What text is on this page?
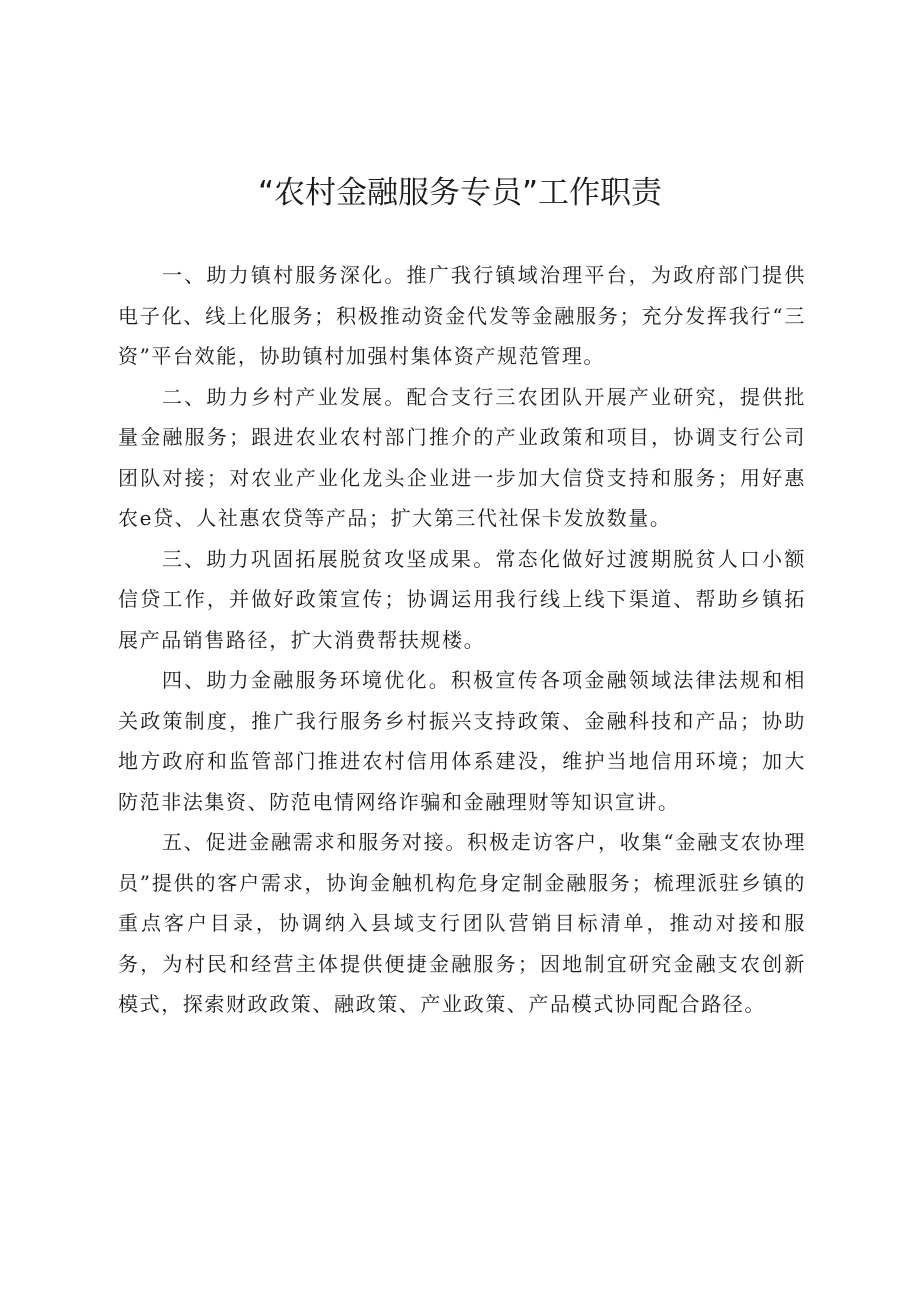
“农村金融服务专员”工作职责

一、助力镇村服务深化。推广我行镇域治理平台，为政府部门提供电子化、线上化服务；积极推动资金代发等金融服务；充分发挥我行“三资”平台效能，协助镇村加强村集体资产规范管理。

二、助力乡村产业发展。配合支行三农团队开展产业研究，提供批量金融服务；跟进农业农村部门推介的产业政策和项目，协调支行公司团队对接；对农业产业化龙头企业进一步加大信贷支持和服务；用好惠农e贷、人社惠农贷等产品；扩大第三代社保卡发放数量。

三、助力巩固拓展脱贫攻坚成果。常态化做好过渡期脱贫人口小额信贷工作，并做好政策宣传；协调运用我行线上线下渠道、帮助乡镇拓展产品销售路径，扩大消费帮扶规楼。

四、助力金融服务环境优化。积极宣传各项金融领域法律法规和相关政策制度，推广我行服务乡村振兴支持政策、金融科技和产品；协助地方政府和监管部门推进农村信用体系建没，维护当地信用环境；加大防范非法集资、防范电情网络诈骗和金融理财等知识宣讲。

五、促进金融需求和服务对接。积极走访客户，收集“金融支农协理员”提供的客户需求，协询金触机构危身定制金融服务；梳理派驻乡镇的重点客户目录，协调纳入县域支行团队营销目标清单，推动对接和服务，为村民和经营主体提供便捷金融服务；因地制宜研究金融支农创新模式，探索财政政策、融政策、产业政策、产品模式协同配合路径。
